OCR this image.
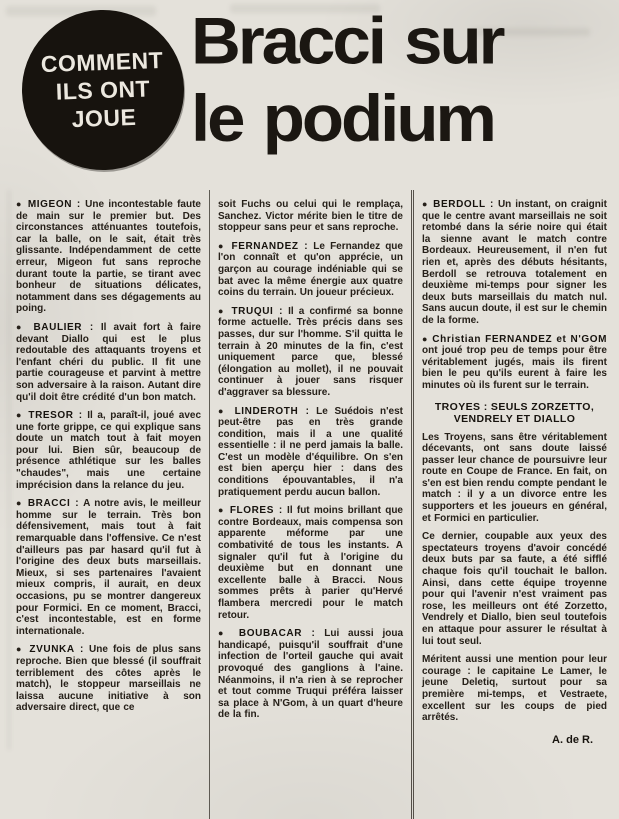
COMMENT
ILS ONT
JOUE
Bracci sur
le podium

● MIGEON : Une incontestable faute de main sur le premier but. Des circonstances atténuantes toutefois, car la balle, on le sait, était très glissante. Indépendamment de cette erreur, Migeon fut sans reproche durant toute la partie, se tirant avec bonheur de situations délicates, notamment dans ses dégagements au poing.

● BAULIER : Il avait fort à faire devant Diallo qui est le plus redoutable des attaquants troyens et l'enfant chéri du public. Il fit une partie courageuse et parvint à mettre son adversaire à la raison. Autant dire qu'il doit être crédité d'un bon match.

● TRESOR : Il a, paraît-il, joué avec une forte grippe, ce qui explique sans doute un match tout à fait moyen pour lui. Bien sûr, beaucoup de présence athlétique sur les balles "chaudes", mais une certaine imprécision dans la relance du jeu.

● BRACCI : A notre avis, le meilleur homme sur le terrain. Très bon défensivement, mais tout à fait remarquable dans l'offensive. Ce n'est d'ailleurs pas par hasard qu'il fut à l'origine des deux buts marseillais. Mieux, si ses partenaires l'avaient mieux compris, il aurait, en deux occasions, pu se montrer dangereux pour Formici. En ce moment, Bracci, c'est incontestable, est en forme internationale.

● ZVUNKA : Une fois de plus sans reproche. Bien que blessé (il souffrait terriblement des côtes après le match), le stoppeur marseillais ne laissa aucune initiative à son adversaire direct, que ce

soit Fuchs ou celui qui le remplaça, Sanchez. Victor mérite bien le titre de stoppeur sans peur et sans reproche.

● FERNANDEZ : Le Fernandez que l'on connaît et qu'on apprécie, un garçon au courage indéniable qui se bat avec la même énergie aux quatre coins du terrain. Un joueur précieux.

● TRUQUI : Il a confirmé sa bonne forme actuelle. Très précis dans ses passes, dur sur l'homme. S'il quitta le terrain à 20 minutes de la fin, c'est uniquement parce que, blessé (élongation au mollet), il ne pouvait continuer à jouer sans risquer d'aggraver sa blessure.

● LINDEROTH : Le Suédois n'est peut-être pas en très grande condition, mais il a une qualité essentielle : il ne perd jamais la balle. C'est un modèle d'équilibre. On s'en est bien aperçu hier : dans des conditions épouvantables, il n'a pratiquement perdu aucun ballon.

● FLORES : Il fut moins brillant que contre Bordeaux, mais compensa son apparente méforme par une combativité de tous les instants. A signaler qu'il fut à l'origine du deuxième but en donnant une excellente balle à Bracci. Nous sommes prêts à parier qu'Hervé flambera mercredi pour le match retour.

● BOUBACAR : Lui aussi joua handicapé, puisqu'il souffrait d'une infection de l'orteil gauche qui avait provoqué des ganglions à l'aine. Néanmoins, il n'a rien à se reprocher et tout comme Truqui préféra laisser sa place à N'Gom, à un quart d'heure de la fin.

● BERDOLL : Un instant, on craignit que le centre avant marseillais ne soit retombé dans la série noire qui était la sienne avant le match contre Bordeaux. Heureusement, il n'en fut rien et, après des débuts hésitants, Berdoll se retrouva totalement en deuxième mi-temps pour signer les deux buts marseillais du match nul. Sans aucun doute, il est sur le chemin de la forme.

● Christian FERNANDEZ et N'GOM ont joué trop peu de temps pour être véritablement jugés, mais ils firent bien le peu qu'ils eurent à faire les minutes où ils furent sur le terrain.

TROYES : SEULS ZORZETTO,
VENDRELY ET DIALLO

Les Troyens, sans être véritablement décevants, ont sans doute laissé passer leur chance de poursuivre leur route en Coupe de France. En fait, on s'en est bien rendu compte pendant le match : il y a un divorce entre les supporters et les joueurs en général, et Formici en particulier.

Ce dernier, coupable aux yeux des spectateurs troyens d'avoir concédé deux buts par sa faute, a été sifflé chaque fois qu'il touchait le ballon. Ainsi, dans cette équipe troyenne pour qui l'avenir n'est vraiment pas rose, les meilleurs ont été Zorzetto, Vendrely et Diallo, bien seul toutefois en attaque pour assurer le résultat à lui tout seul.

Méritent aussi une mention pour leur courage : le capitaine Le Lamer, le jeune Deletiq, surtout pour sa première mi-temps, et Vestraete, excellent sur les coups de pied arrêtés.

A. de R.
